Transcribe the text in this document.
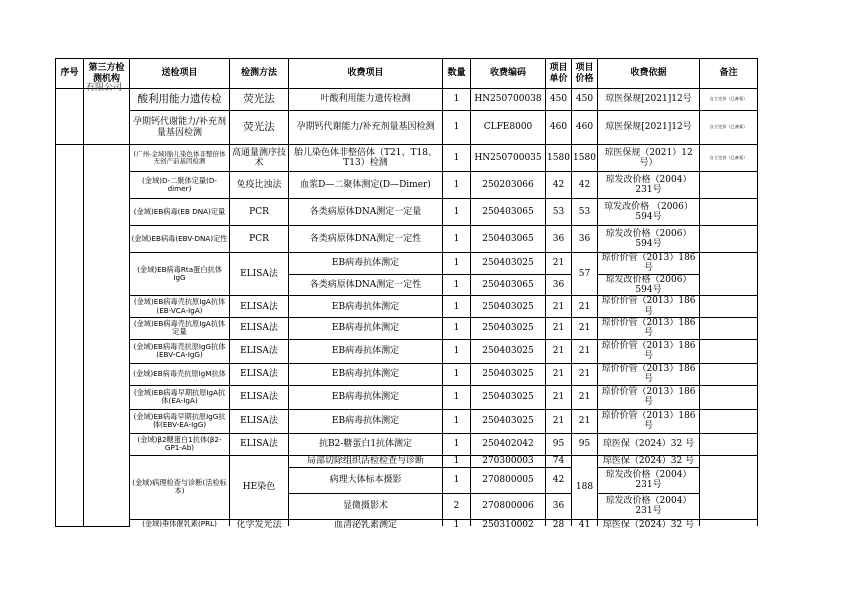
序号	第三方检测机构	送检项目	检测方法	收费项目	数量	收费编码	项目单价	项目价格	收费依据	备注

	有限公司	酸利用能力遗传检	荧光法	叶酸利用能力遗传检测	1	HN250700038	450	450	琼医保规[2021]12号	自主定价（已备案）
		孕期钙代谢能力/补充剂量基因检测	荧光法	孕期钙代谢能力/补充剂量基因检测	1	CLFE8000	460	460	琼医保规[2021]12号	自主定价（已备案）
		(广州-金域)胎儿染色体非整倍体无创产前基因检测	高通量测序技术	胎儿染色体非整倍体（T21、T18、T13）检测	1	HN250700035	1580	1580	琼医保规（2021）12号）	自主定价（已备案）
		(金域)D-二聚体定量(D-dimer)	免疫比浊法	血浆D—二聚体测定(D—Dimer)	1	250203066	42	42	琼发改价格（2004）231号	
		(金域)EB病毒(EB DNA)定量	PCR	各类病原体DNA测定一定量	1	250403065	53	53	琼发改价格 （2006）594号	
		(金域)EB病毒(EBV-DNA)定性	PCR	各类病原体DNA测定一定性	1	250403065	36	36	琼发改价格（2006）594号	
		(金域)EB病毒Rta蛋白抗体IgG	ELISA法	EB病毒抗体测定	1	250403025	21	57	琼价价管（2013）186号	
				各类病原体DNA测定一定性	1	250403065	36		琼发改价格（2006）594号	
		(金域)EB病毒壳抗原IgA抗体(EB-VCA-IgA)	ELISA法	EB病毒抗体测定	1	250403025	21	21	琼价价管（2013）186号	
		(金域)EB病毒壳抗原IgA抗体定量	ELISA法	EB病毒抗体测定	1	250403025	21	21	琼价价管（2013）186号	
		(金域)EB病毒壳抗原IgG抗体(EBV-CA-IgG)	ELISA法	EB病毒抗体测定	1	250403025	21	21	琼价价管（2013）186号	
		(金域)EB病毒壳抗原IgM抗体	ELISA法	EB病毒抗体测定	1	250403025	21	21	琼价价管（2013）186号	
		(金域)EB病毒早期抗原IgA抗体(EA-IgA)	ELISA法	EB病毒抗体测定	1	250403025	21	21	琼价价管（2013）186号	
		(金域)EB病毒早期抗原IgG抗体(EBV-EA-IgG)	ELISA法	EB病毒抗体测定	1	250403025	21	21	琼价价管（2013）186号	
		(金域)β2糖蛋白1抗体(β2-GP1-Ab)	ELISA法	抗B2-糖蛋白1抗体测定	1	250402042	95	95	琼医保（2024）32 号	
		(金域)病理检查与诊断(活检标本)	HE染色	局部切除组织活检检查与诊断	1	270300003	74	188	琼医保（2024）32 号	
				病理大体标本摄影	1	270800005	42		琼发改价格（2004）231号	
				显微摄影术	2	270800006	36		琼发改价格（2004）231号	

		(金域)垂体催乳素(PRL)	化学发光法	血清泌乳素测定	1	250310002	28	41	琼医保（2024）32 号	
